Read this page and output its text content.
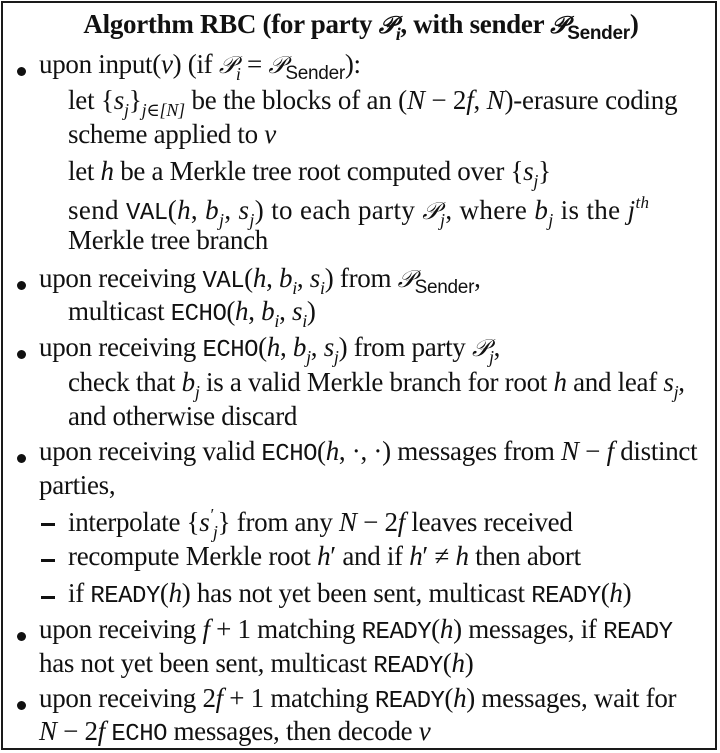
Algorthm RBC (for party 𝒫$_i$, with sender 𝒫$_{Sender}$)
upon input(v) (if 𝒫$_i$ = 𝒫$_{Sender}$):
let $\{s_j\}_{j\in[N]}$ be the blocks of an (N − 2f, N)-erasure coding
scheme applied to v
let h be a Merkle tree root computed over $\{s_j\}$
send VAL(h, $b_j$, $s_j$) to each party 𝒫$_j$, where $b_j$ is the $j^{th}$
Merkle tree branch
upon receiving VAL(h, $b_i$, $s_i$) from 𝒫$_{Sender}$,
multicast ECHO(h, $b_i$, $s_i$)
upon receiving ECHO(h, $b_j$, $s_j$) from party 𝒫$_j$,
check that $b_j$ is a valid Merkle branch for root h and leaf $s_j$,
and otherwise discard
upon receiving valid ECHO(h, ·, ·) messages from N − f distinct
parties,
interpolate $\{s'_j\}$ from any N − 2f leaves received
recompute Merkle root h′ and if h′ ≠ h then abort
if READY(h) has not yet been sent, multicast READY(h)
upon receiving f + 1 matching READY(h) messages, if READY
has not yet been sent, multicast READY(h)
upon receiving 2f + 1 matching READY(h) messages, wait for
N − 2f ECHO messages, then decode v
